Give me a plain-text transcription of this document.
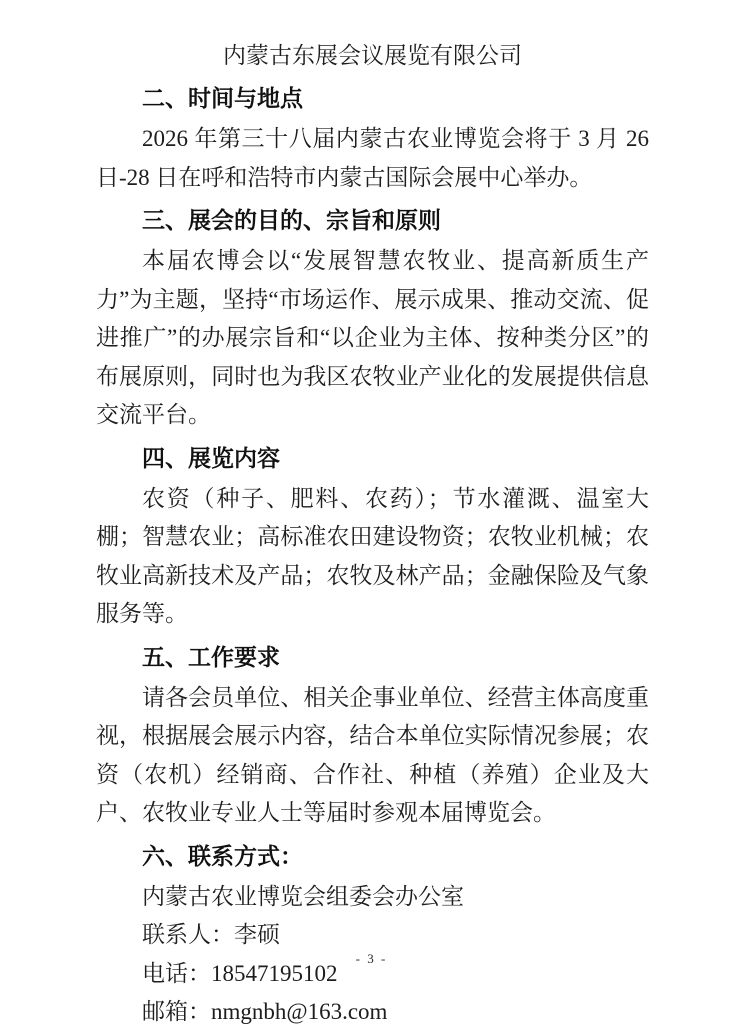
内蒙古东展会议展览有限公司

二、时间与地点

2026 年第三十八届内蒙古农业博览会将于 3 月 26 日-28 日在呼和浩特市内蒙古国际会展中心举办。

三、展会的目的、宗旨和原则

本届农博会以“发展智慧农牧业、提高新质生产力”为主题，坚持“市场运作、展示成果、推动交流、促进推广”的办展宗旨和“以企业为主体、按种类分区”的布展原则，同时也为我区农牧业产业化的发展提供信息交流平台。

四、展览内容

农资（种子、肥料、农药）；节水灌溉、温室大棚；智慧农业；高标准农田建设物资；农牧业机械；农牧业高新技术及产品；农牧及林产品；金融保险及气象服务等。

五、工作要求

请各会员单位、相关企事业单位、经营主体高度重视，根据展会展示内容，结合本单位实际情况参展；农资（农机）经销商、合作社、种植（养殖）企业及大户、农牧业专业人士等届时参观本届博览会。

六、联系方式：

内蒙古农业博览会组委会办公室

联系人：李硕

电话：18547195102

邮箱：nmgnbh@163.com

- 3 -
